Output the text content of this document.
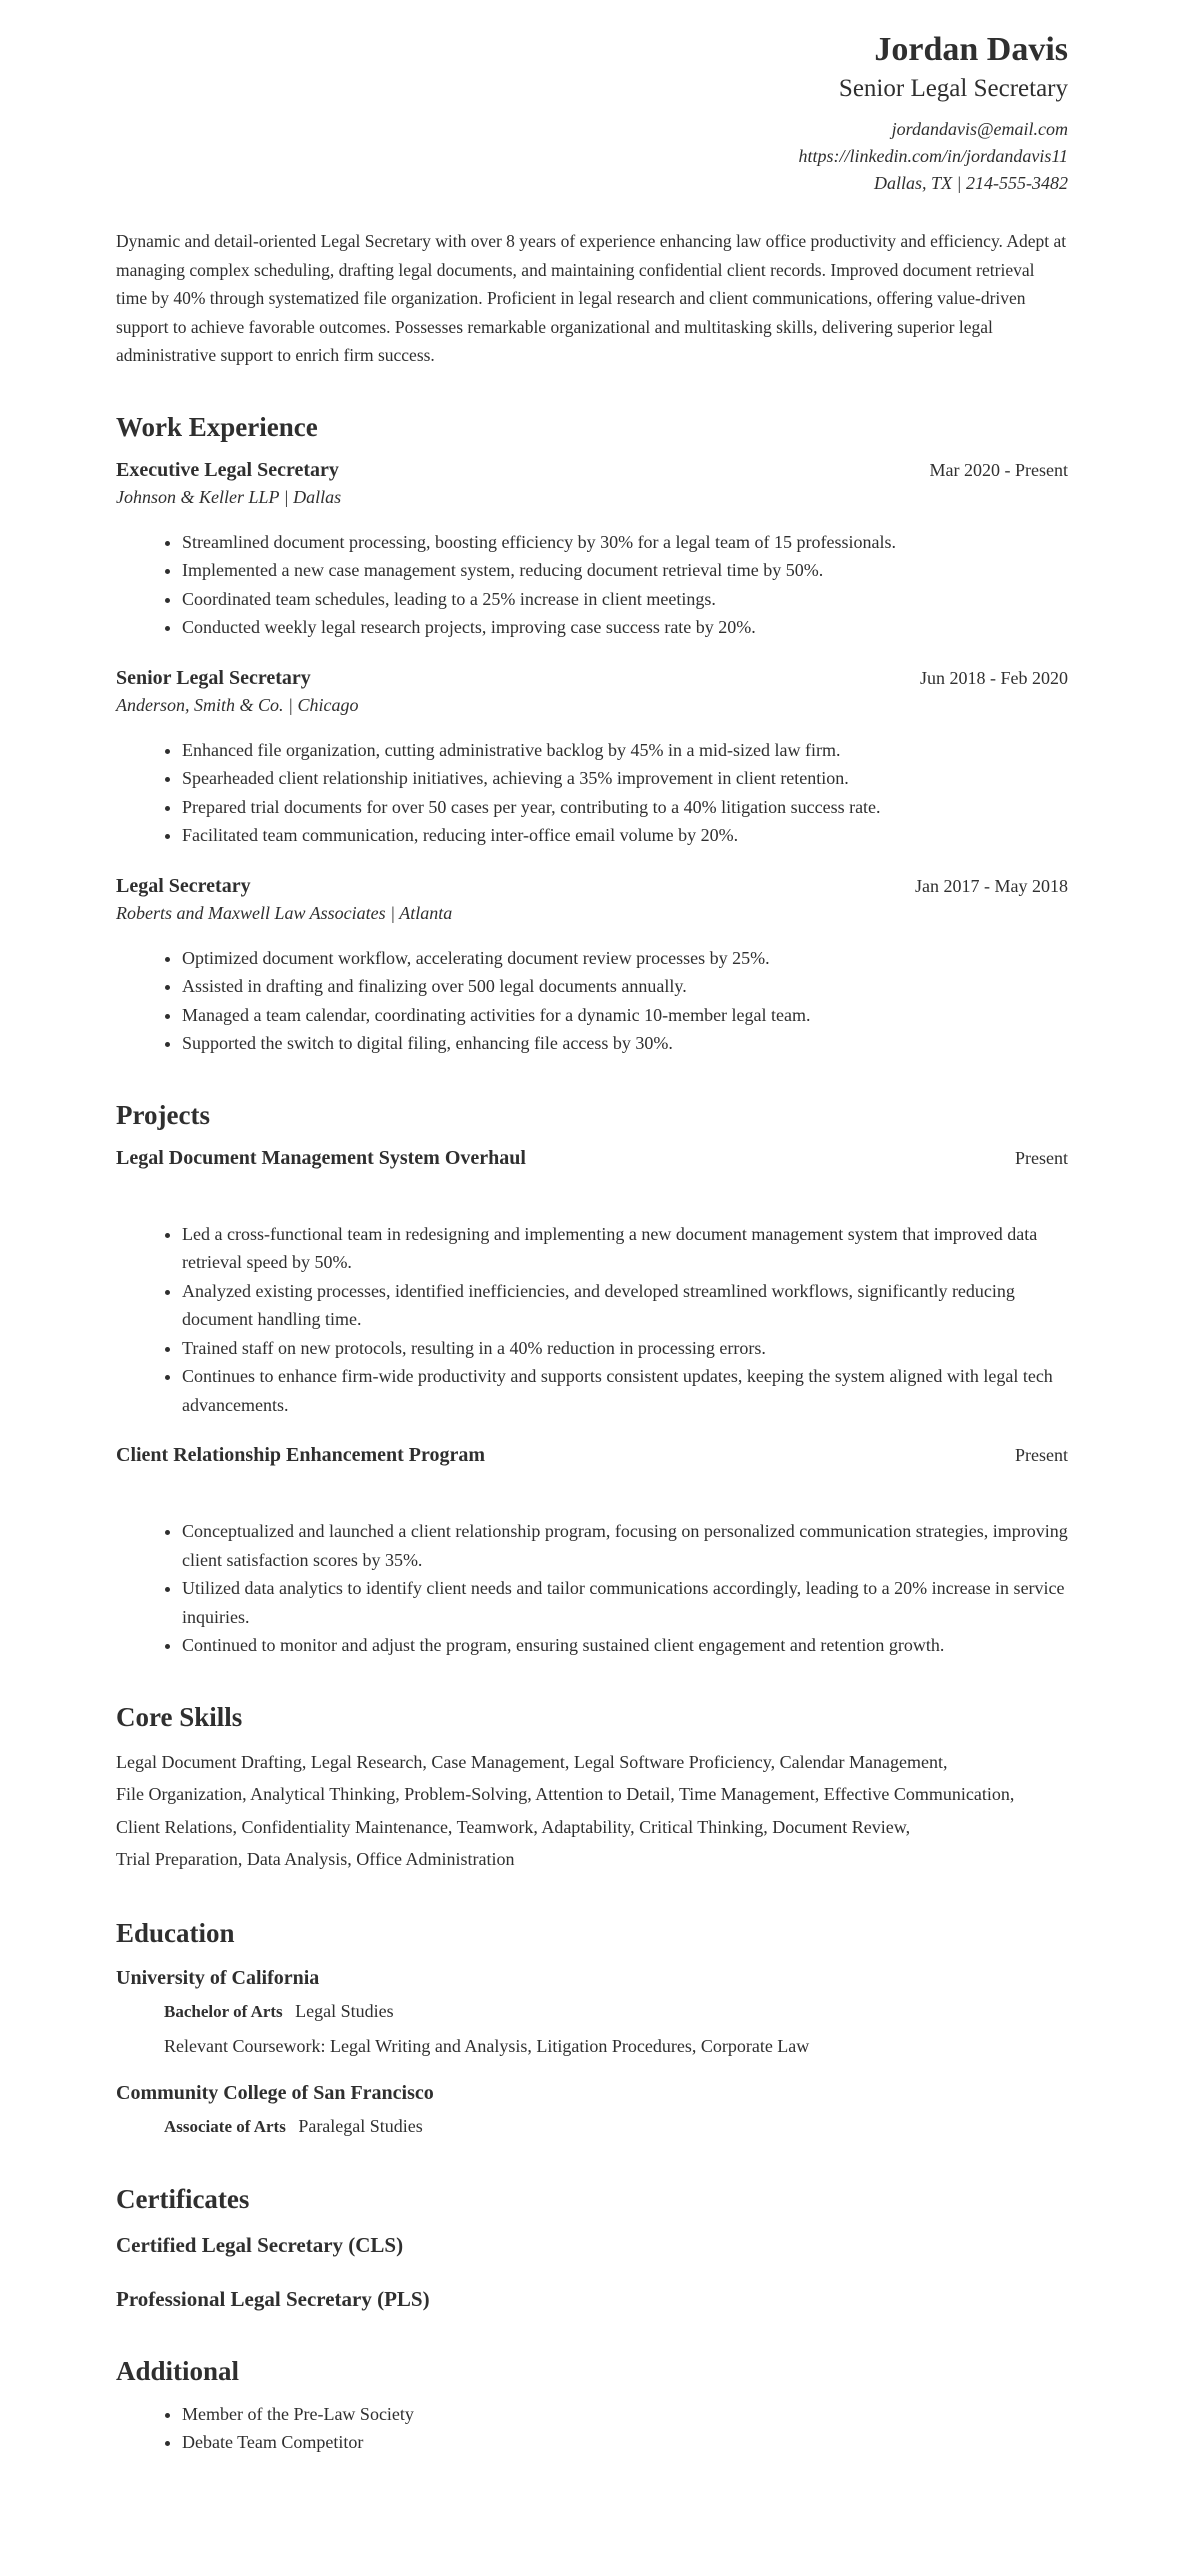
Jordan Davis
Senior Legal Secretary
jordandavis@email.com
https://linkedin.com/in/jordandavis11
Dallas, TX | 214-555-3482

Dynamic and detail-oriented Legal Secretary with over 8 years of experience enhancing law office productivity and efficiency. Adept at managing complex scheduling, drafting legal documents, and maintaining confidential client records. Improved document retrieval time by 40% through systematized file organization. Proficient in legal research and client communications, offering value-driven support to achieve favorable outcomes. Possesses remarkable organizational and multitasking skills, delivering superior legal administrative support to enrich firm success.

Work Experience
Executive Legal Secretary	Mar 2020 - Present
Johnson & Keller LLP | Dallas
• Streamlined document processing, boosting efficiency by 30% for a legal team of 15 professionals.
• Implemented a new case management system, reducing document retrieval time by 50%.
• Coordinated team schedules, leading to a 25% increase in client meetings.
• Conducted weekly legal research projects, improving case success rate by 20%.
Senior Legal Secretary	Jun 2018 - Feb 2020
Anderson, Smith & Co. | Chicago
• Enhanced file organization, cutting administrative backlog by 45% in a mid-sized law firm.
• Spearheaded client relationship initiatives, achieving a 35% improvement in client retention.
• Prepared trial documents for over 50 cases per year, contributing to a 40% litigation success rate.
• Facilitated team communication, reducing inter-office email volume by 20%.
Legal Secretary	Jan 2017 - May 2018
Roberts and Maxwell Law Associates | Atlanta
• Optimized document workflow, accelerating document review processes by 25%.
• Assisted in drafting and finalizing over 500 legal documents annually.
• Managed a team calendar, coordinating activities for a dynamic 10-member legal team.
• Supported the switch to digital filing, enhancing file access by 30%.
Projects
Legal Document Management System Overhaul	Present
• Led a cross-functional team in redesigning and implementing a new document management system that improved data retrieval speed by 50%.
• Analyzed existing processes, identified inefficiencies, and developed streamlined workflows, significantly reducing document handling time.
• Trained staff on new protocols, resulting in a 40% reduction in processing errors.
• Continues to enhance firm-wide productivity and supports consistent updates, keeping the system aligned with legal tech advancements.
Client Relationship Enhancement Program	Present
• Conceptualized and launched a client relationship program, focusing on personalized communication strategies, improving client satisfaction scores by 35%.
• Utilized data analytics to identify client needs and tailor communications accordingly, leading to a 20% increase in service inquiries.
• Continued to monitor and adjust the program, ensuring sustained client engagement and retention growth.
Core Skills
Legal Document Drafting, Legal Research, Case Management, Legal Software Proficiency, Calendar Management,
File Organization, Analytical Thinking, Problem-Solving, Attention to Detail, Time Management, Effective Communication,
Client Relations, Confidentiality Maintenance, Teamwork, Adaptability, Critical Thinking, Document Review,
Trial Preparation, Data Analysis, Office Administration
Education
University of California
Bachelor of Arts Legal Studies
Relevant Coursework: Legal Writing and Analysis, Litigation Procedures, Corporate Law
Community College of San Francisco
Associate of Arts Paralegal Studies
Certificates
Certified Legal Secretary (CLS)
Professional Legal Secretary (PLS)
Additional
• Member of the Pre-Law Society
• Debate Team Competitor
